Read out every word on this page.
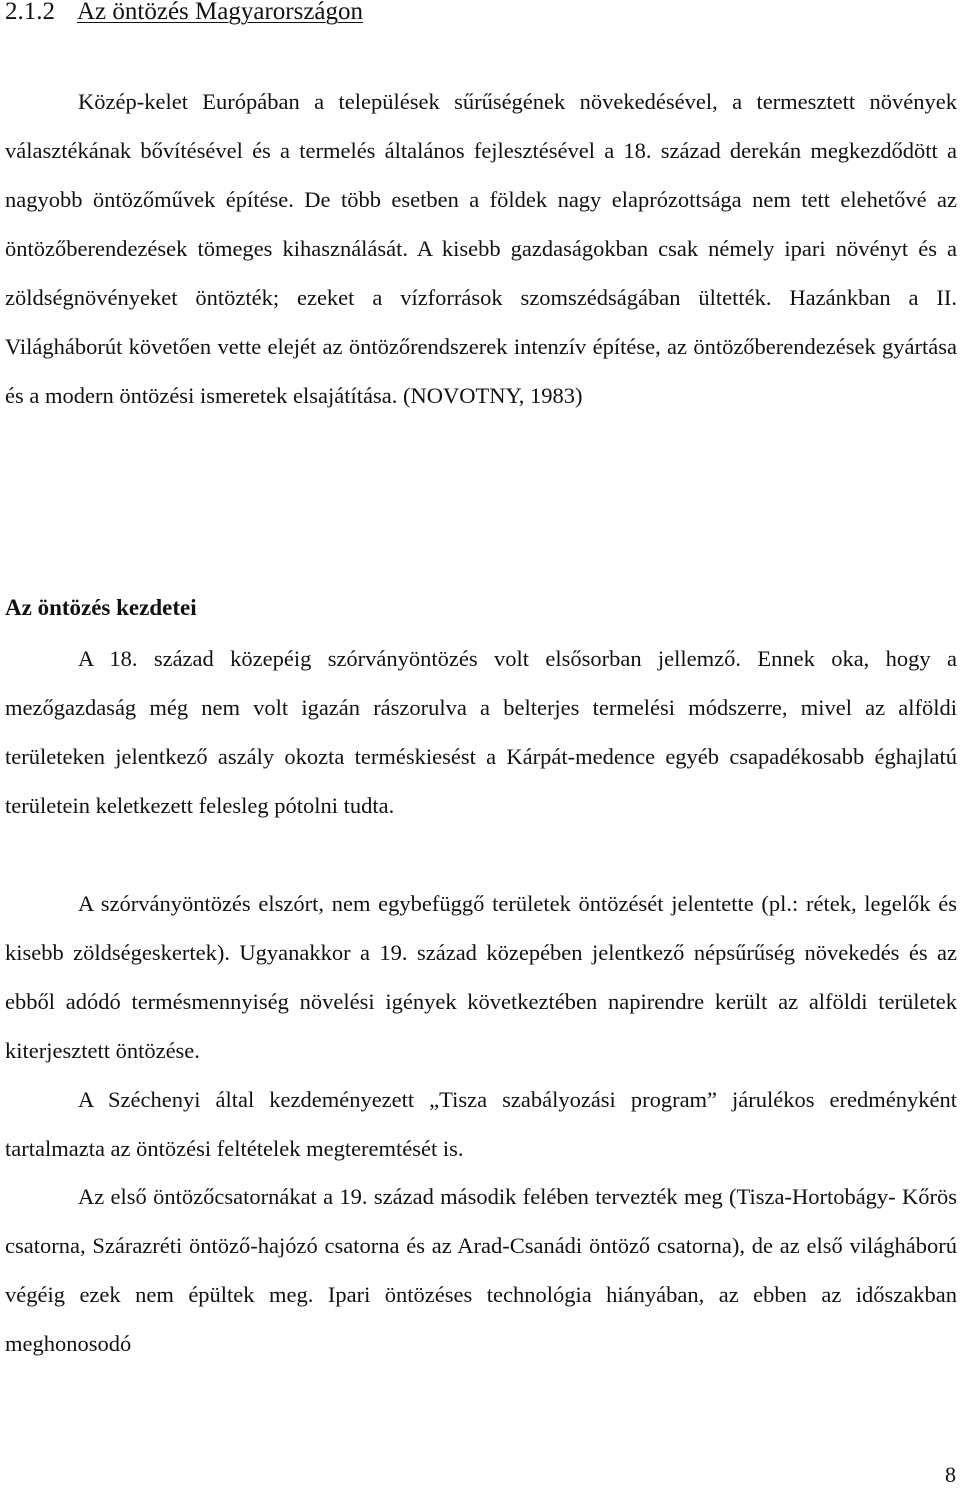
2.1.2 Az öntözés Magyarországon

Közép-kelet Európában a települések sűrűségének növekedésével, a termesztett növények választékának bővítésével és a termelés általános fejlesztésével a 18. század derekán megkezdődött a nagyobb öntözőművek építése. De több esetben a földek nagy elaprózottsága nem tett elehetővé az öntözőberendezések tömeges kihasználását. A kisebb gazdaságokban csak némely ipari növényt és a zöldségnövényeket öntözték; ezeket a vízforrások szomszédságában ültették. Hazánkban a II. Világháborút követően vette elejét az öntözőrendszerek intenzív építése, az öntözőberendezések gyártása és a modern öntözési ismeretek elsajátítása. (NOVOTNY, 1983)

Az öntözés kezdetei

A 18. század közepéig szórványöntözés volt elsősorban jellemző. Ennek oka, hogy a mezőgazdaság még nem volt igazán rászorulva a belterjes termelési módszerre, mivel az alföldi területeken jelentkező aszály okozta terméskiesést a Kárpát-medence egyéb csapadékosabb éghajlatú területein keletkezett felesleg pótolni tudta.

A szórványöntözés elszórt, nem egybefüggő területek öntözését jelentette (pl.: rétek, legelők és kisebb zöldségeskertek). Ugyanakkor a 19. század közepében jelentkező népsűrűség növekedés és az ebből adódó termésmennyiség növelési igények következtében napirendre került az alföldi területek kiterjesztett öntözése.

A Széchenyi által kezdeményezett „Tisza szabályozási program” járulékos eredményként tartalmazta az öntözési feltételek megteremtését is.

Az első öntözőcsatornákat a 19. század második felében tervezték meg (Tisza-Hortobágy- Kőrös csatorna, Szárazréti öntöző-hajózó csatorna és az Arad-Csanádi öntöző csatorna), de az első világháború végéig ezek nem épültek meg. Ipari öntözéses technológia hiányában, az ebben az időszakban meghonosodó

8
